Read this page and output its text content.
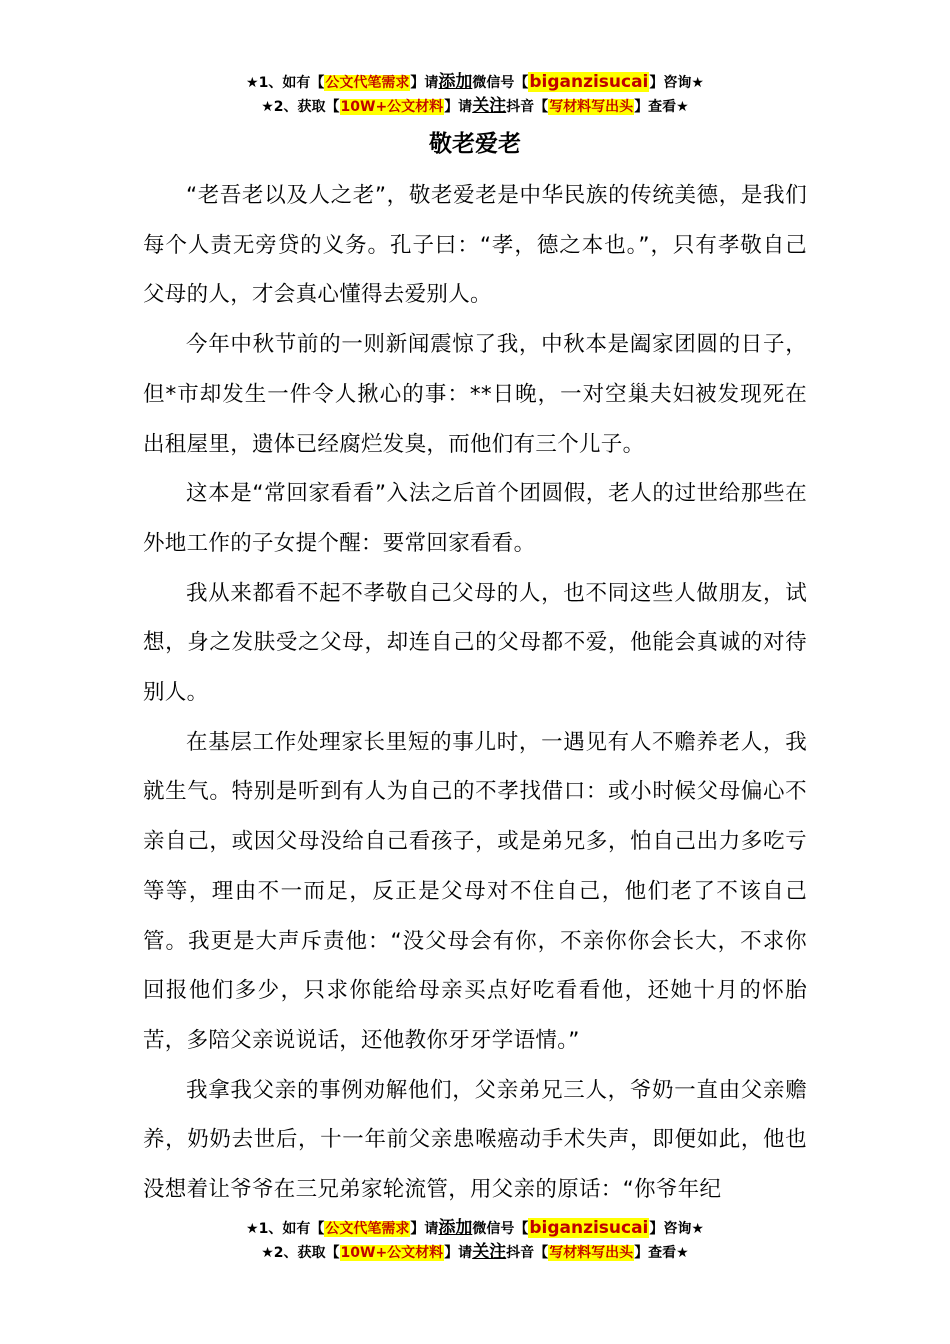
★1、如有【公文代笔需求】请添加微信号【biganzisucai】咨询★
★2、获取【10W+公文材料】请关注抖音【写材料写出头】查看★
敬老爱老

“老吾老以及人之老”，敬老爱老是中华民族的传统美德，是我们每个人责无旁贷的义务。孔子曰：“孝，德之本也。”，只有孝敬自己父母的人，才会真心懂得去爱别人。

今年中秋节前的一则新闻震惊了我，中秋本是阖家团圆的日子，但*市却发生一件令人揪心的事：**日晚，一对空巢夫妇被发现死在出租屋里，遗体已经腐烂发臭，而他们有三个儿子。

这本是“常回家看看”入法之后首个团圆假，老人的过世给那些在外地工作的子女提个醒：要常回家看看。

我从来都看不起不孝敬自己父母的人，也不同这些人做朋友，试想，身之发肤受之父母，却连自己的父母都不爱，他能会真诚的对待别人。

在基层工作处理家长里短的事儿时，一遇见有人不赡养老人，我就生气。特别是听到有人为自己的不孝找借口：或小时候父母偏心不亲自己，或因父母没给自己看孩子，或是弟兄多，怕自己出力多吃亏等等，理由不一而足，反正是父母对不住自己，他们老了不该自己管。我更是大声斥责他：“没父母会有你，不亲你你会长大，不求你回报他们多少，只求你能给母亲买点好吃看看他，还她十月的怀胎苦，多陪父亲说说话，还他教你牙牙学语情。”

我拿我父亲的事例劝解他们，父亲弟兄三人，爷奶一直由父亲赡养，奶奶去世后，十一年前父亲患喉癌动手术失声，即便如此，他也没想着让爷爷在三兄弟家轮流管，用父亲的原话：“你爷年纪

★1、如有【公文代笔需求】请添加微信号【biganzisucai】咨询★
★2、获取【10W+公文材料】请关注抖音【写材料写出头】查看★
